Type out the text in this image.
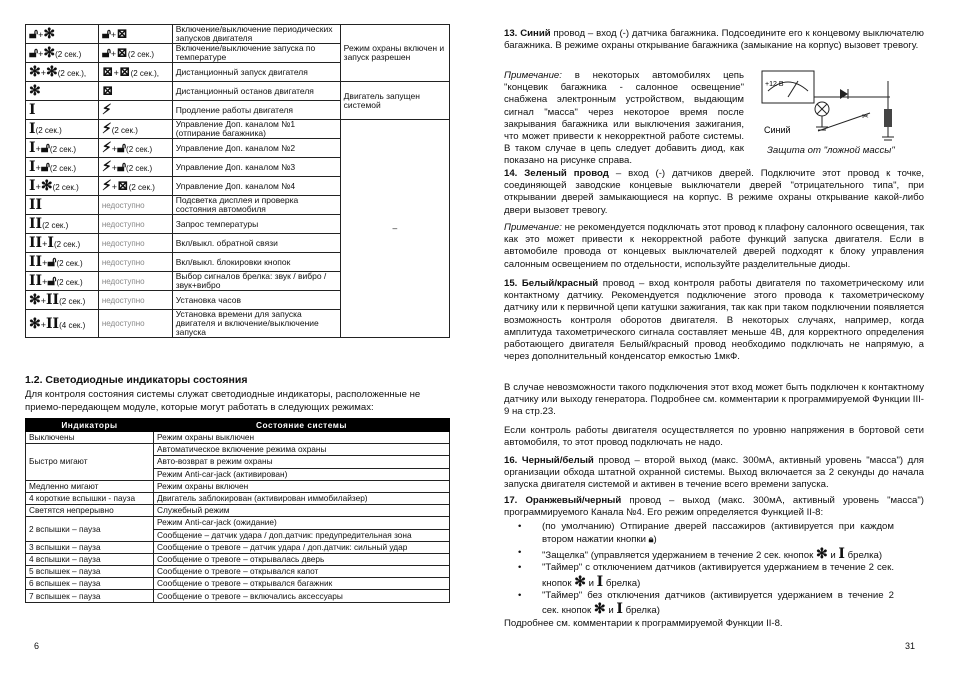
🔓︎+✻	🔓︎+⊠	Включение/выключение периодических запусков двигателя	Режим охраны включен и запуск разрешен
🔓︎+✻(2 сек.)	🔓︎+⊠(2 сек.)	Включение/выключение запуска по температуре	
✻+✻(2 сек.),	⊠+⊠(2 сек.),	Дистанционный запуск двигателя	
✻	⊠	Дистанционный останов двигателя	Двигатель запущен системой
I	⚡︎	Продление работы двигателя	
I(2 сек.)	⚡︎(2 сек.)	Управление Доп. каналом №1 (отпирание багажника)	–
I+🔓︎(2 сек.)	⚡︎+🔓︎(2 сек.)	Управление Доп. каналом №2	
I+🔓︎(2 сек.)	⚡︎+🔓︎(2 сек.)	Управление Доп. каналом №3	
I+✻(2 сек.)	⚡︎+⊠(2 сек.)	Управление Доп. каналом №4	
II	недоступно	Подсветка дисплея и проверка состояния автомобиля	
II(2 сек.)	недоступно	Запрос температуры	
II+I(2 сек.)	недоступно	Вкл/выкл. обратной связи	
II+🔓︎(2 сек.)	недоступно	Вкл/выкл. блокировки кнопок	
II+🔓︎(2 сек.)	недоступно	Выбор сигналов брелка: звук / вибро / звук+вибро	
✻+II(2 сек.)	недоступно	Установка часов	
✻+II(4 сек.)	недоступно	Установка времени для запуска двигателя и включение/выключение запуска	
1.2. Светодиодные индикаторы состояния
Для контроля состояния системы служат светодиодные индикаторы, расположенные не приемо-передающем модуле, которые могут работать в следующих режимах:
Индикаторы	Состояние системы
Выключены	Режим охраны выключен
Быстро мигают	Автоматическое включение режима охраны
	Авто-возврат в режим охраны
	Режим Anti-car-jack (активирован)
Медленно мигают	Режим охраны включен
4 короткие вспышки - пауза	Двигатель заблокирован (активирован иммобилайзер)
Светятся непрерывно	Служебный режим
2 вспышки – пауза	Режим Anti-car-jack (ожидание)
	Сообщение – датчик удара / доп.датчик: предупредительная зона
3 вспышки – пауза	Сообщение о тревоге – датчик удара / доп.датчик: сильный удар
4 вспышки – пауза	Сообщение о тревоге – открывалась дверь
5 вспышек – пауза	Сообщение о тревоге – открывался капот
6 вспышек – пауза	Сообщение о тревоге – открывался багажник
7 вспышек – пауза	Сообщение о тревоге – включались аксессуары
6
13. Синий провод – вход (-) датчика багажника. Подсоедините его к концевому выключателю багажника. В режиме охраны открывание багажника (замыкание на корпус) вызовет тревогу.
Примечание: в некоторых автомобилях цепь "концевик багажника - салонное освещение" снабжена электронным устройством, выдающим сигнал "масса" через некоторое время после закрывания багажника или выключения зажигания, что может привести к некорректной работе системы. В таком случае в цепь следует добавить диод, как показано на рисунке справа.
+12 В
✂
Синий
Защита от "ложной массы"
14. Зеленый провод – вход (-) датчиков дверей. Подключите этот провод к точке, соединяющей заводские концевые выключатели дверей "отрицательного типа", при открывании дверей замыкающиеся на корпус. В режиме охраны открывание какой-либо двери вызовет тревогу.
Примечание: не рекомендуется подключать этот провод к плафону салонного освещения, так как это может привести к некорректной работе функций запуска двигателя. Если в автомобиле провода от концевых выключателей дверей подходят к блоку управления салонным освещением по отдельности, используйте разделительные диоды.
15. Белый/красный провод – вход контроля работы двигателя по тахометрическому или контактному датчику. Рекомендуется подключение этого провода к тахометрическому датчику или к первичной цепи катушки зажигания, так как при таком подключении появляется возможность контроля оборотов двигателя. В некоторых случаях, например, когда амплитуда тахометрического сигнала составляет меньше 4В, для корректного определения работающего двигателя Белый/красный провод необходимо подключать не напрямую, а через дополнительный конденсатор емкостью 1мкФ.
В случае невозможности такого подключения этот вход может быть подключен к контактному датчику или выходу генератора. Подробнее см. комментарии к программируемой Функции III-9 на стр.23.
Если контроль работы двигателя осуществляется по уровню напряжения в бортовой сети автомобиля, то этот провод подключать не надо.
16. Черный/белый провод – второй выход (макс. 300мА, активный уровень "масса") для организации обхода штатной охранной системы. Выход включается за 2 секунды до начала запуска двигателя системой и активен в течение всего времени запуска.
17. Оранжевый/черный провод – выход (макс. 300мА, активный уровень "масса") программируемого Канала №4. Его режим определяется Функцией II-8:
• (по умолчанию) Отпирание дверей пассажиров (активируется при каждом втором нажатии кнопки 🔒︎)
• "Защелка" (управляется удержанием в течение 2 сек. кнопок ✻ и I брелка)
• "Таймер" с отключением датчиков (активируется удержанием в течение 2 сек. кнопок ✻ и I брелка)
• "Таймер" без отключения датчиков (активируется удержанием в течение 2 сек. кнопок ✻ и I брелка)
Подробнее см. комментарии к программируемой Функции II-8.
31
